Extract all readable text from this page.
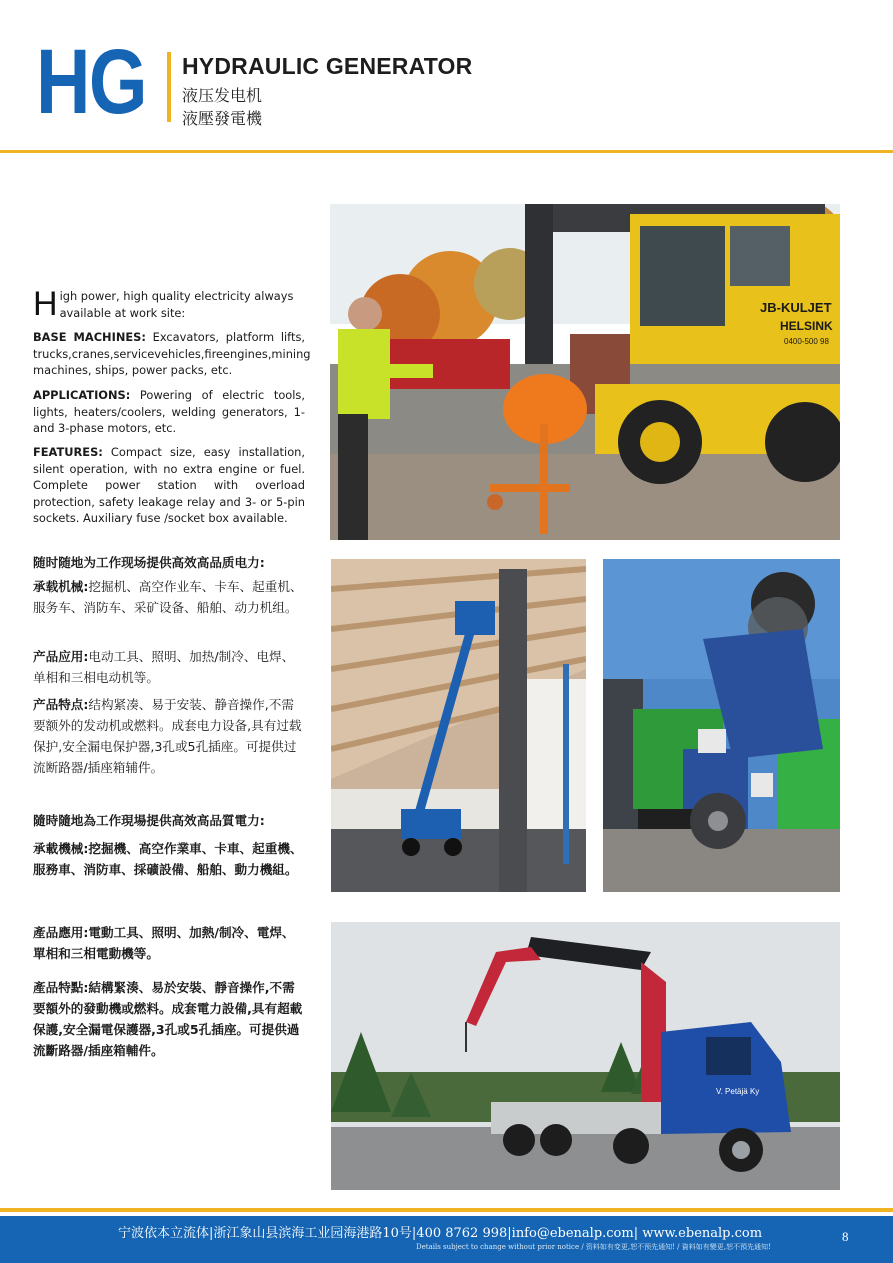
HG HYDRAULIC GENERATOR
液压发电机
液壓發電機
H igh power, high quality electricity always available at work site:
BASE MACHINES: Excavators, platform lifts, trucks,cranes,servicevehicles,fireengines,mining machines, ships, power packs, etc.
APPLICATIONS: Powering of electric tools, lights, heaters/coolers, welding generators, 1- and 3-phase motors, etc.
FEATURES: Compact size, easy installation, silent operation, with no extra engine or fuel. Complete power station with overload protection, safety leakage relay and 3- or 5-pin sockets. Auxiliary fuse /socket box available.
随时随地为工作现场提供高效高品质电力:
承载机械:挖掘机、高空作业车、卡车、起重机、服务车、消防车、采矿设备、船舶、动力机组。
产品应用:电动工具、照明、加热/制冷、电焊、单相和三相电动机等。
产品特点:结构紧凑、易于安装、静音操作,不需要额外的发动机或燃料。成套电力设备,具有过载保护,安全漏电保护器,3孔或5孔插座。可提供过流断路器/插座箱辅件。
隨時隨地為工作現場提供高效高品質電力:
承載機械:挖掘機、高空作業車、卡車、起重機、服務車、消防車、採礦設備、船舶、動力機組。
產品應用:電動工具、照明、加熱/制冷、電焊、單相和三相電動機等。
產品特點:結構緊湊、易於安裝、靜音操作,不需要額外的發動機或燃料。成套電力設備,具有超載保護,安全漏電保護器,3孔或5孔插座。可提供過流斷路器/插座箱輔件。
JB-KULJET
HELSINK
0400-500 98
V. Petäjä Ky
宁波依本立流体|浙江象山县滨海工业园海港路10号|400 8762 998|info@ebenalp.com| www.ebenalp.com
Details subject to change without prior notice / 资料如有变更,恕不预先通知! / 資料如有變更,恕不預先通知!
8
